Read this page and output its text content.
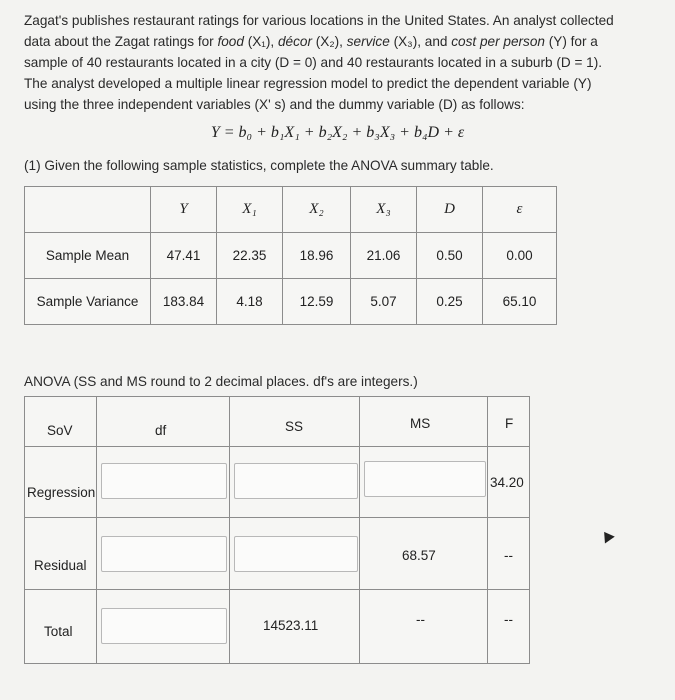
Zagat's publishes restaurant ratings for various locations in the United States. An analyst collected

data about the Zagat ratings for food (X₁), décor (X₂), service (X₃), and cost per person (Y) for a

sample of 40 restaurants located in a city (D = 0) and 40 restaurants located in a suburb (D = 1).

The analyst developed a multiple linear regression model to predict the dependent variable (Y)

using the three independent variables (X' s) and the dummy variable (D) as follows:

Y = b₀ + b₁X₁ + b₂X₂ + b₃X₃ + b₄D + ε
(1) Given the following sample statistics, complete the ANOVA summary table.
	Y	X₁	X₂	X₃	D	ε
Sample Mean	47.41	22.35	18.96	21.06	0.50	0.00
Sample Variance	183.84	4.18	12.59	5.07	0.25	65.10
ANOVA (SS and MS round to 2 decimal places. df's are integers.)
SoV	df	SS	MS	F

Regression				34.20

Residual			68.57	--

Total		14523.11	--	--
